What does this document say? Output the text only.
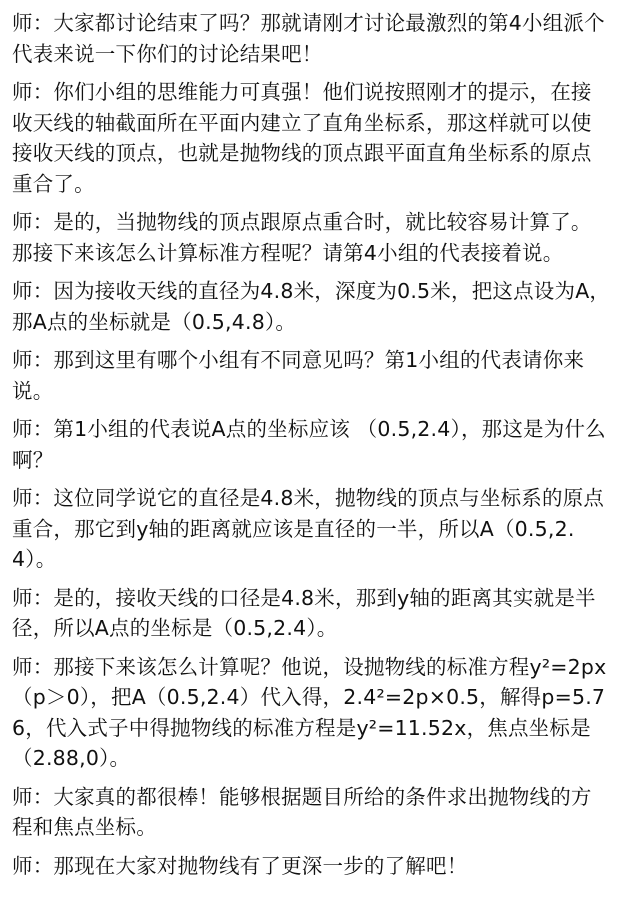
师：大家都讨论结束了吗？那就请刚才讨论最激烈的第4小组派个代表来说一下你们的讨论结果吧！

师：你们小组的思维能力可真强！他们说按照刚才的提示，在接收天线的轴截面所在平面内建立了直角坐标系，那这样就可以使接收天线的顶点，也就是抛物线的顶点跟平面直角坐标系的原点重合了。

师：是的，当抛物线的顶点跟原点重合时，就比较容易计算了。那接下来该怎么计算标准方程呢？请第4小组的代表接着说。

师：因为接收天线的直径为4.8米，深度为0.5米，把这点设为A，那A点的坐标就是（0.5,4.8）。

师：那到这里有哪个小组有不同意见吗？第1小组的代表请你来说。

师：第1小组的代表说A点的坐标应该 （0.5,2.4），那这是为什么啊？

师：这位同学说它的直径是4.8米，抛物线的顶点与坐标系的原点重合，那它到y轴的距离就应该是直径的一半，所以A（0.5,2.4）。

师：是的，接收天线的口径是4.8米，那到y轴的距离其实就是半径，所以A点的坐标是（0.5,2.4）。

师：那接下来该怎么计算呢？他说，设抛物线的标准方程y²=2px（p＞0），把A（0.5,2.4）代入得，2.4²=2p×0.5，解得p=5.76，代入式子中得抛物线的标准方程是y²=11.52x，焦点坐标是（2.88,0）。

师：大家真的都很棒！能够根据题目所给的条件求出抛物线的方程和焦点坐标。

师：那现在大家对抛物线有了更深一步的了解吧！
